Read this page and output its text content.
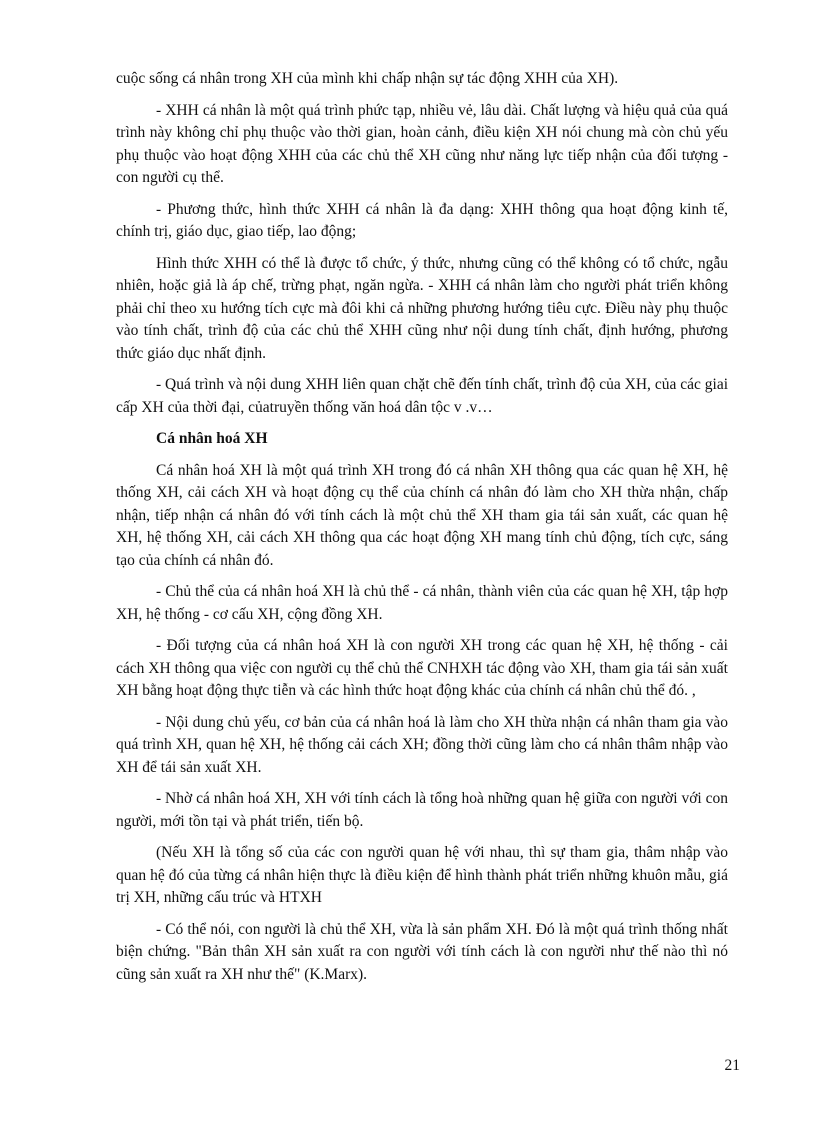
cuộc sống cá nhân trong XH của mình khi chấp nhận sự tác động XHH của XH).

- XHH cá nhân là một quá trình phức tạp, nhiều vẻ, lâu dài. Chất lượng và hiệu quả của quá trình này không chỉ phụ thuộc vào thời gian, hoàn cảnh, điều kiện XH nói chung mà còn chủ yếu phụ thuộc vào hoạt động XHH của các chủ thể XH cũng như năng lực tiếp nhận của đối tượng - con người cụ thể.

- Phương thức, hình thức XHH cá nhân là đa dạng: XHH thông qua hoạt động kinh tế, chính trị, giáo dục, giao tiếp, lao động;

Hình thức XHH có thể là được tổ chức, ý thức, nhưng cũng có thể không có tổ chức, ngẫu nhiên, hoặc giả là áp chế, trừng phạt, ngăn ngừa. - XHH cá nhân làm cho người phát triển không phải chỉ theo xu hướng tích cực mà đôi khi cả những phương hướng tiêu cực. Điều này phụ thuộc vào tính chất, trình độ của các chủ thể XHH cũng như nội dung tính chất, định hướng, phương thức giáo dục nhất định.

- Quá trình và nội dung XHH liên quan chặt chẽ đến tính chất, trình độ của XH, của các giai cấp XH của thời đại, củatruyền thống văn hoá dân tộc v .v…

Cá nhân hoá XH

Cá nhân hoá XH là một quá trình XH trong đó cá nhân XH thông qua các quan hệ XH, hệ thống XH, cải cách XH và hoạt động cụ thể của chính cá nhân đó làm cho XH thừa nhận, chấp nhận, tiếp nhận cá nhân đó với tính cách là một chủ thể XH tham gia tái sản xuất, các quan hệ XH, hệ thống XH, cải cách XH thông qua các hoạt động XH mang tính chủ động, tích cực, sáng tạo của chính cá nhân đó.

- Chủ thể của cá nhân hoá XH là chủ thể - cá nhân, thành viên của các quan hệ XH, tập hợp XH, hệ thống - cơ cấu XH, cộng đồng XH.

- Đối tượng của cá nhân hoá XH là con người XH trong các quan hệ XH, hệ thống - cải cách XH thông qua việc con người cụ thể chủ thể CNHXH tác động vào XH, tham gia tái sản xuất XH bằng hoạt động thực tiễn và các hình thức hoạt động khác của chính cá nhân chủ thể đó. ,

- Nội dung chủ yếu, cơ bản của cá nhân hoá là làm cho XH thừa nhận cá nhân tham gia vào quá trình XH, quan hệ XH, hệ thống cải cách XH; đồng thời cũng làm cho cá nhân thâm nhập vào XH để tái sản xuất XH.

- Nhờ cá nhân hoá XH, XH với tính cách là tổng hoà những quan hệ giữa con người với con người, mới tồn tại và phát triển, tiến bộ.

(Nếu XH là tổng số của các con người quan hệ với nhau, thì sự tham gia, thâm nhập vào quan hệ đó của từng cá nhân hiện thực là điều kiện để hình thành phát triển những khuôn mẫu, giá trị XH, những cấu trúc và HTXH

- Có thể nói, con người là chủ thể XH, vừa là sản phẩm XH. Đó là một quá trình thống nhất biện chứng. "Bản thân XH sản xuất ra con người với tính cách là con người như thế nào thì nó cũng sản xuất ra XH như thế" (K.Marx).

21
